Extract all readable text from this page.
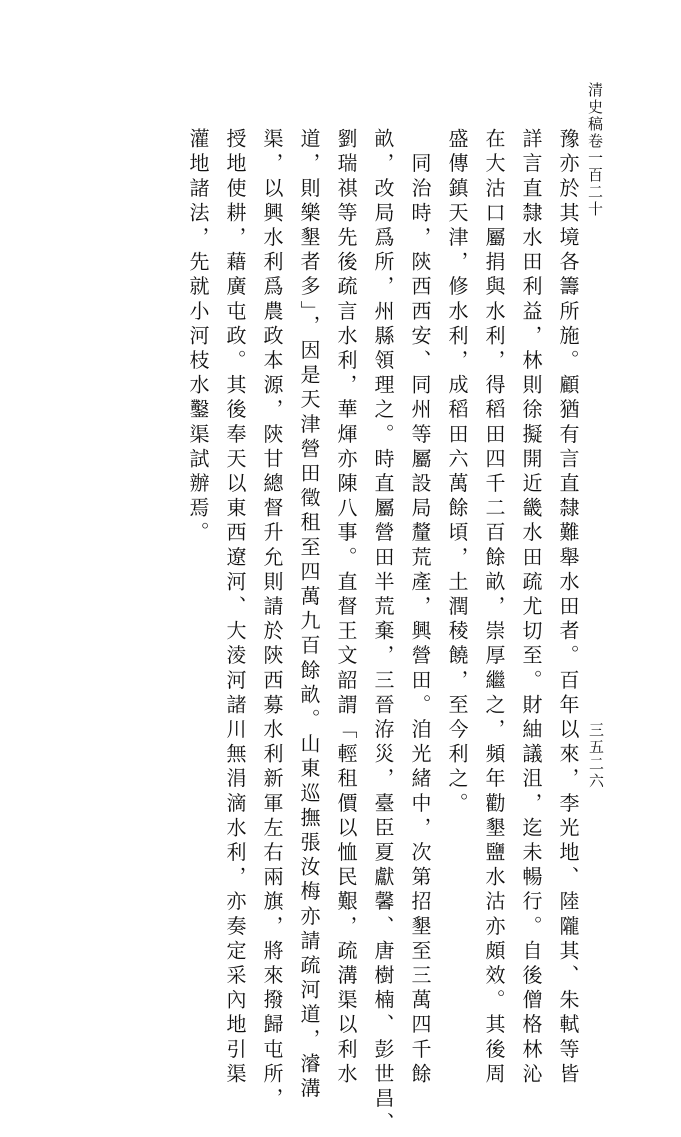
清史稿卷一百二十
三五二六
豫亦於其境各籌所施。顧猶有言直隸難舉水田者。百年以來，李光地、陸隴其、朱軾等皆
詳言直隸水田利益，林則徐擬開近畿水田疏尤切至。財紬議沮，迄未暢行。自後僧格林沁
在大沽口屬捐與水利，得稻田四千二百餘畝，崇厚繼之，頻年勸墾鹽水沽亦頗效。其後周
盛傳鎮天津，修水利，成稻田六萬餘頃，土潤稜饒，至今利之。
　同治時，陝西西安、同州等屬設局釐荒產，興營田。洎光緒中，次第招墾至三萬四千餘
畝，改局爲所，州縣領理之。時直屬營田半荒棄，三晉洊災，臺臣夏獻馨、唐樹楠、彭世昌、
劉瑞祺等先後疏言水利，華煇亦陳八事。直督王文韶謂「輕租價以恤民艱，疏溝渠以利水
道，則樂墾者多」，因是天津營田徵租至四萬九百餘畝。山東巡撫張汝梅亦請疏河道，濬溝
渠，以興水利爲農政本源，陝甘總督升允則請於陝西募水利新軍左右兩旗，將來撥歸屯所，
授地使耕，藉廣屯政。其後奉天以東西遼河、大淩河諸川無涓滴水利，亦奏定采內地引渠
灌地諸法，先就小河枝水鑿渠試辦焉。
